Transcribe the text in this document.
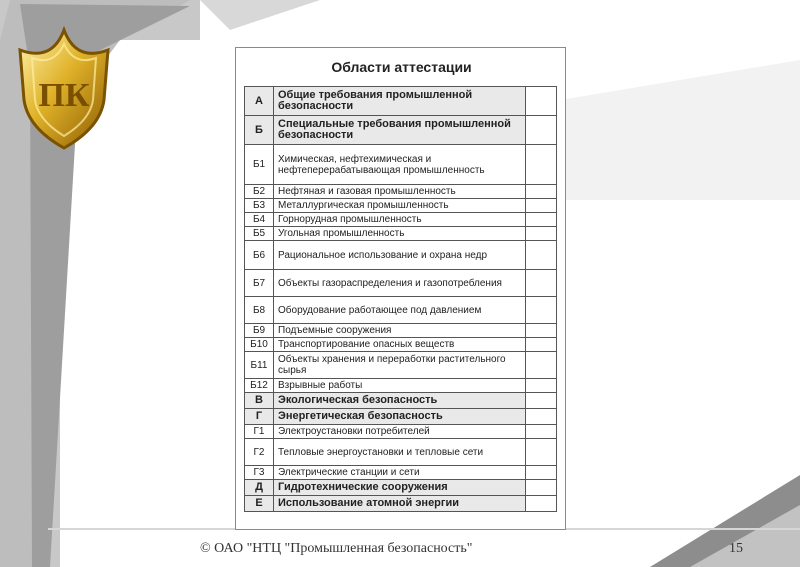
ПК
Области аттестации
А	Общие требования промышленной безопасности	
Б	Специальные требования промышленной безопасности	
Б1	Химическая, нефтехимическая и нефтеперерабатывающая промышленность	
Б2	Нефтяная и газовая промышленность	
Б3	Металлургическая промышленность	
Б4	Горнорудная промышленность	
Б5	Угольная промышленность	
Б6	Рациональное использование и охрана недр	
Б7	Объекты газораспределения и газопотребления	
Б8	Оборудование работающее под давлением	
Б9	Подъемные сооружения	
Б10	Транспортирование опасных веществ	
Б11	Объекты хранения и переработки растительного сырья	
Б12	Взрывные работы	
В	Экологическая безопасность	
Г	Энергетическая безопасность	
Г1	Электроустановки потребителей	
Г2	Тепловые энергоустановки и тепловые сети	
Г3	Электрические станции и сети	
Д	Гидротехнические сооружения	
Е	Использование атомной энергии	
© ОАО "НТЦ "Промышленная безопасность"	15
